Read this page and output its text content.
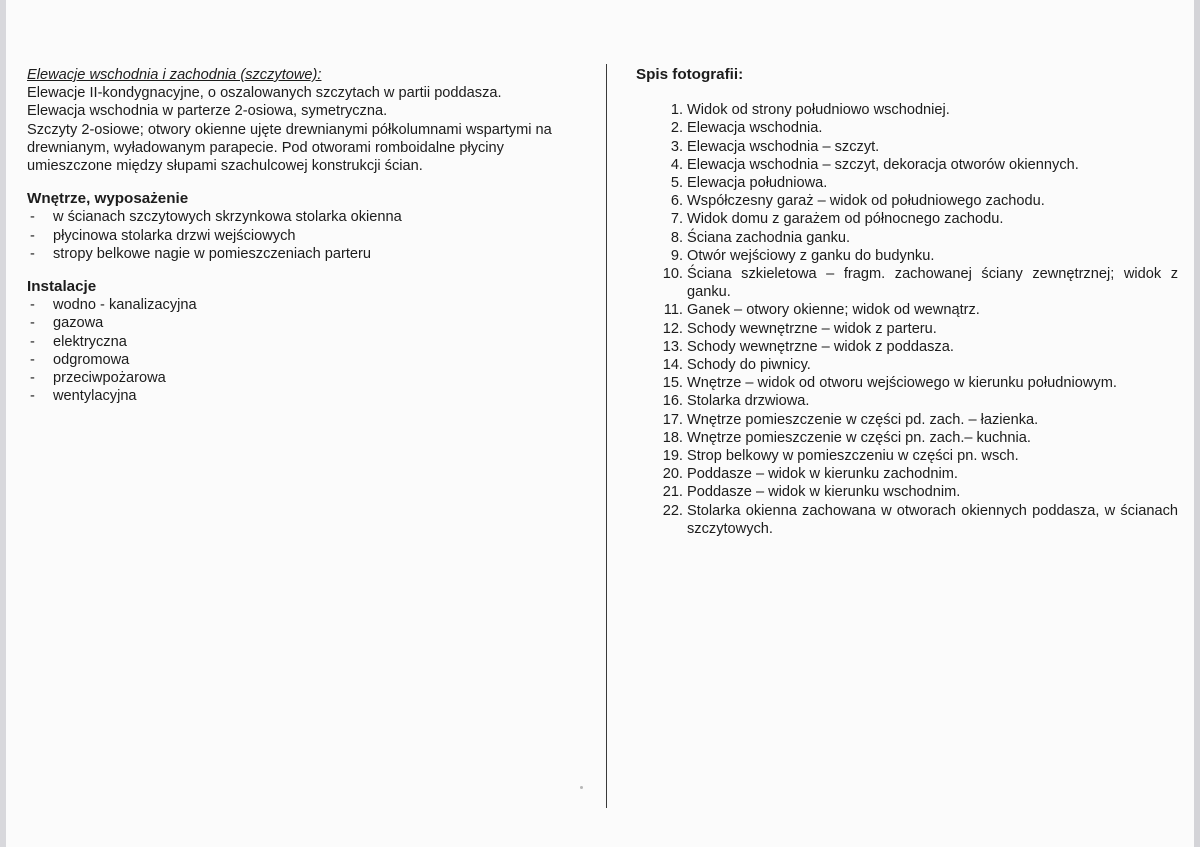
Elewacje wschodnia i zachodnia (szczytowe):

Elewacje II-kondygnacyjne, o oszalowanych szczytach w partii poddasza.

Elewacja wschodnia w parterze 2-osiowa, symetryczna.

Szczyty 2-osiowe; otwory okienne ujęte drewnianymi półkolumnami wspartymi na drewnianym, wyładowanym parapecie. Pod otworami romboidalne płyciny umieszczone między słupami szachulcowej konstrukcji ścian.

Wnętrze, wyposażenie
- w ścianach szczytowych skrzynkowa stolarka okienna
- płycinowa stolarka drzwi wejściowych
- stropy belkowe nagie w pomieszczeniach parteru
Instalacje
- wodno - kanalizacyjna
- gazowa
- elektryczna
- odgromowa
- przeciwpożarowa
- wentylacyjna
Spis fotografii:
1. Widok od strony południowo wschodniej.
2. Elewacja wschodnia.
3. Elewacja wschodnia – szczyt.
4. Elewacja wschodnia – szczyt, dekoracja otworów okiennych.
5. Elewacja południowa.
6. Współczesny garaż – widok od południowego zachodu.
7. Widok domu z garażem od północnego zachodu.
8. Ściana zachodnia ganku.
9. Otwór wejściowy z ganku do budynku.
10. Ściana szkieletowa – fragm. zachowanej ściany zewnętrznej; widok z ganku.
11. Ganek – otwory okienne; widok od wewnątrz.
12. Schody wewnętrzne – widok z parteru.
13. Schody wewnętrzne – widok z poddasza.
14. Schody do piwnicy.
15. Wnętrze – widok od otworu wejściowego w kierunku południowym.
16. Stolarka drzwiowa.
17. Wnętrze pomieszczenie w części pd. zach. – łazienka.
18. Wnętrze pomieszczenie w części pn. zach.– kuchnia.
19. Strop belkowy w pomieszczeniu w części pn. wsch.
20. Poddasze – widok w kierunku zachodnim.
21. Poddasze – widok w kierunku wschodnim.
22. Stolarka okienna zachowana w otworach okiennych poddasza, w ścianach szczytowych.
